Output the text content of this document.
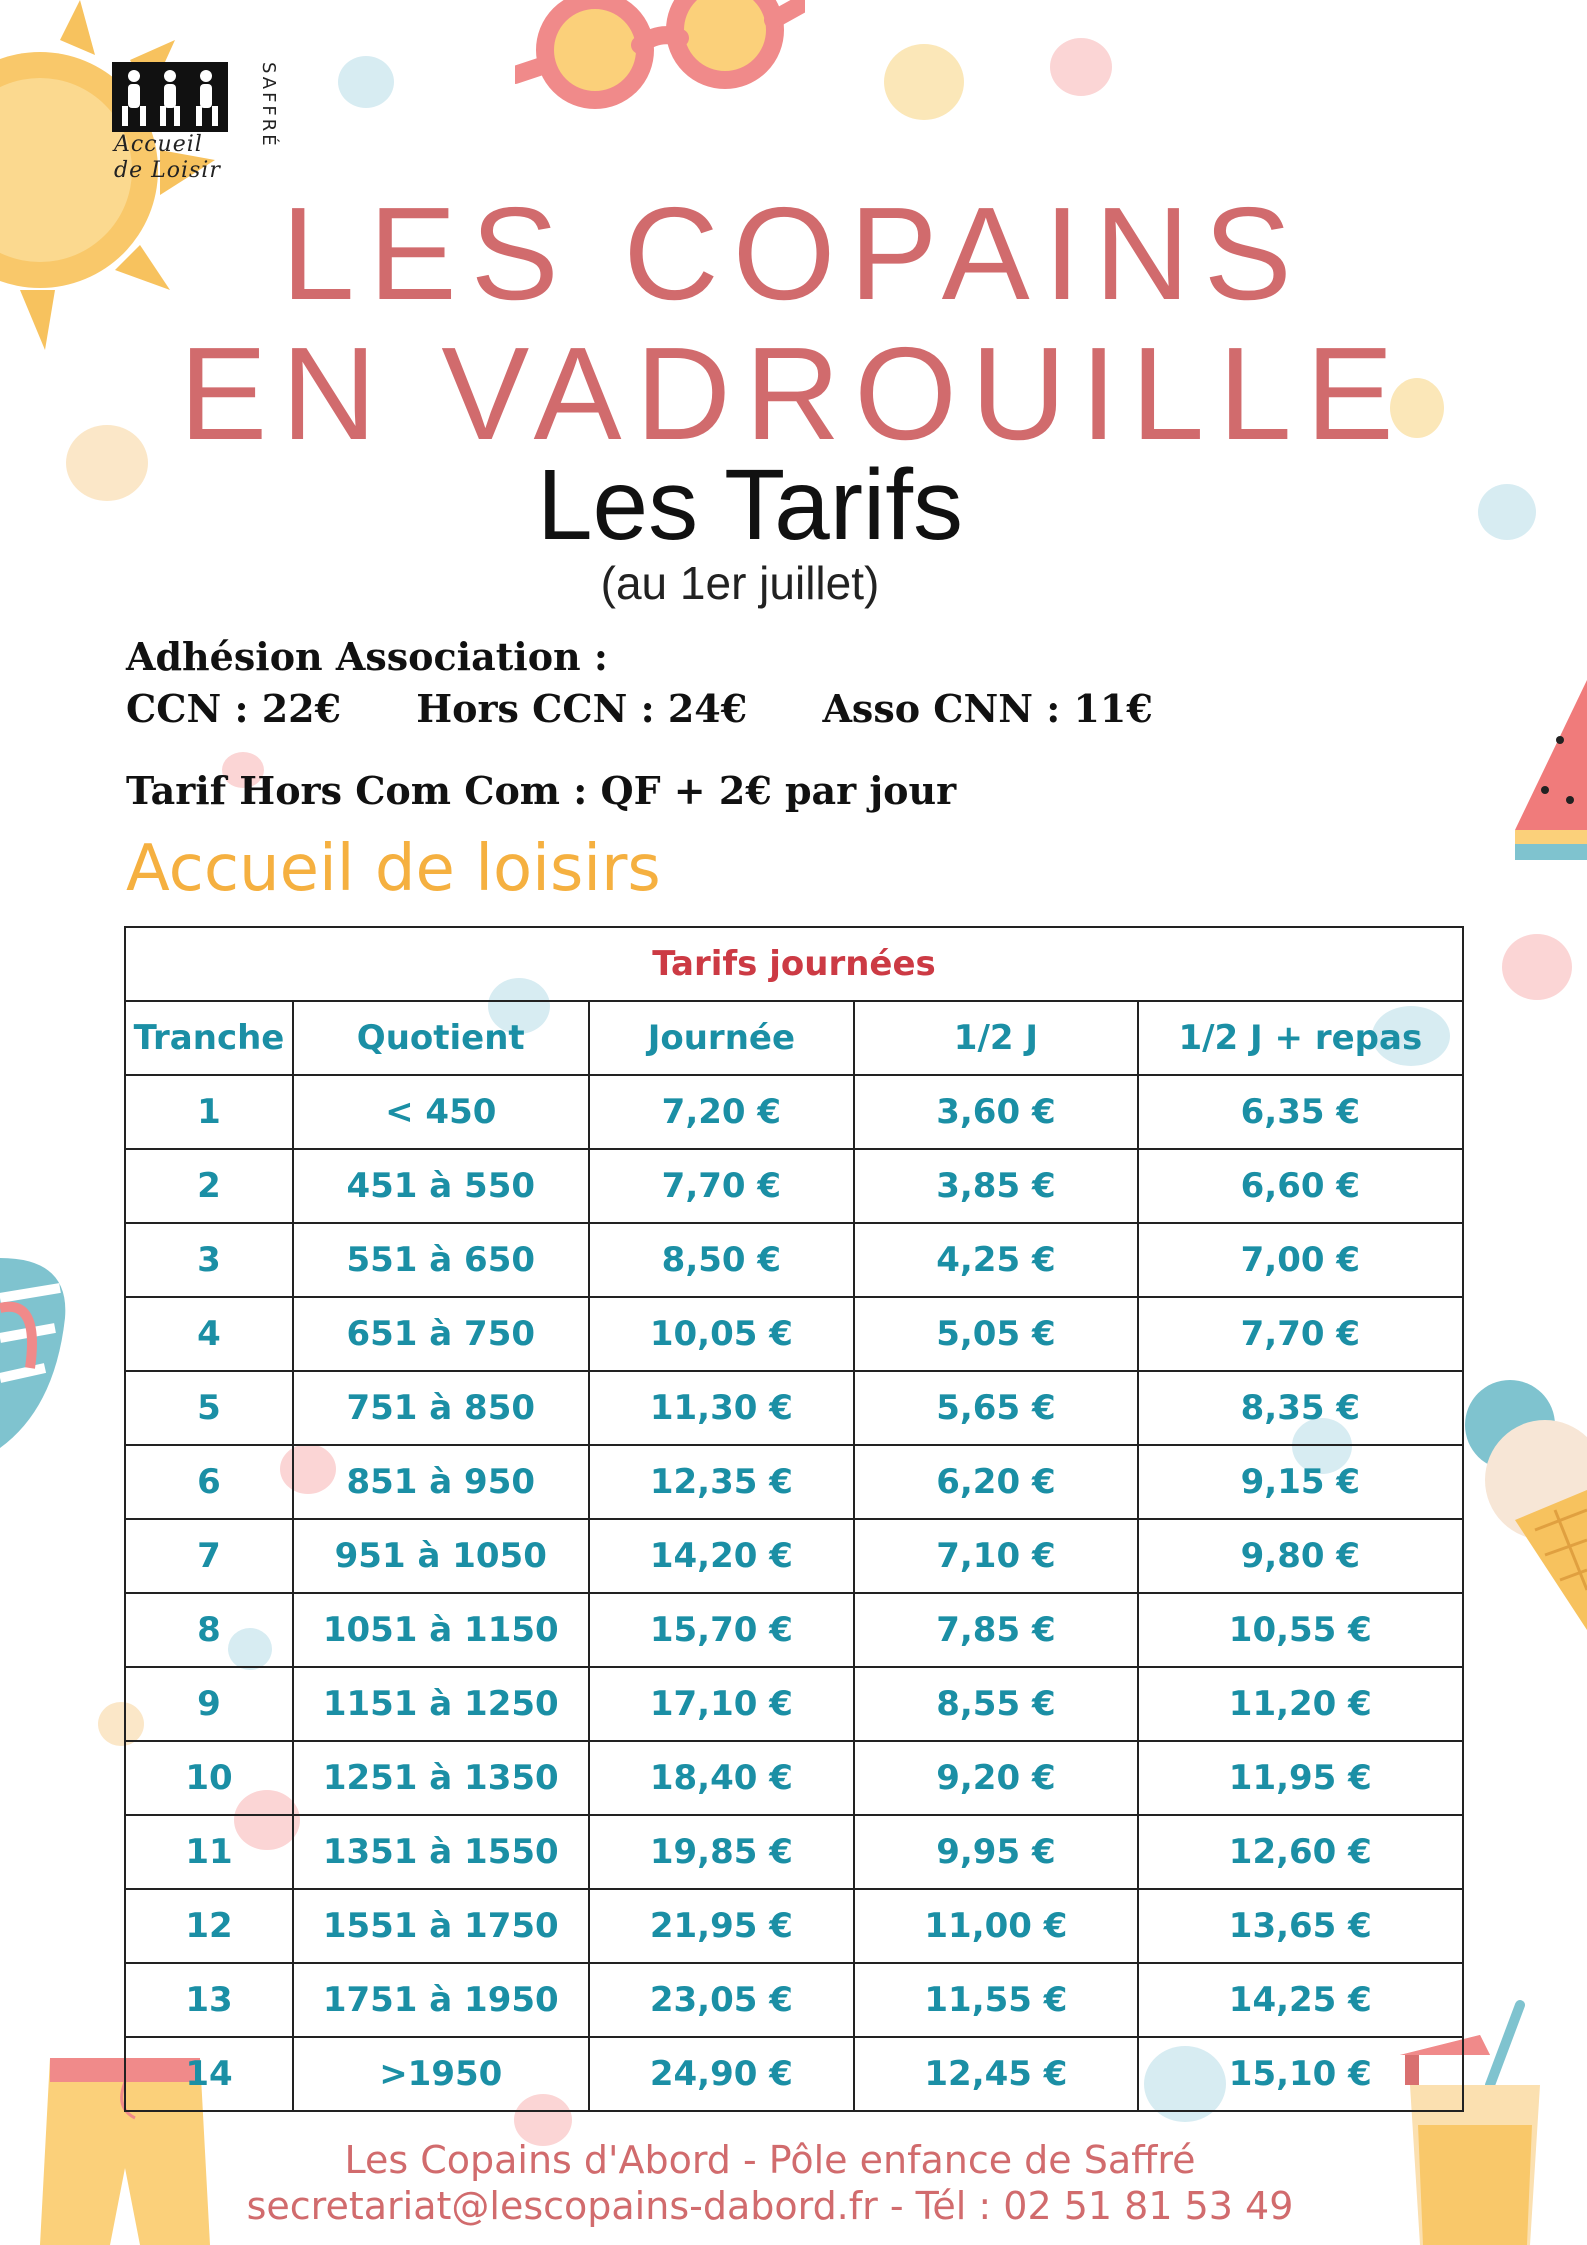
Accueil
de Loisir
SAFFRÉ
LES COPAINS
EN VADROUILLE
Les Tarifs
(au 1er juillet)
Adhésion Association :
CCN : 22€ Hors CCN : 24€ Asso CNN : 11€
Tarif Hors Com Com : QF + 2€ par jour
Accueil de loisirs
Tarifs journées				
Tranche	Quotient	Journée	1/2 J	1/2 J + repas
1	< 450	7,20 €	3,60 €	6,35 €
2	451 à 550	7,70 €	3,85 €	6,60 €
3	551 à 650	8,50 €	4,25 €	7,00 €
4	651 à 750	10,05 €	5,05 €	7,70 €
5	751 à 850	11,30 €	5,65 €	8,35 €
6	851 à 950	12,35 €	6,20 €	9,15 €
7	951 à 1050	14,20 €	7,10 €	9,80 €
8	1051 à 1150	15,70 €	7,85 €	10,55 €
9	1151 à 1250	17,10 €	8,55 €	11,20 €
10	1251 à 1350	18,40 €	9,20 €	11,95 €
11	1351 à 1550	19,85 €	9,95 €	12,60 €
12	1551 à 1750	21,95 €	11,00 €	13,65 €
13	1751 à 1950	23,05 €	11,55 €	14,25 €
14	>1950	24,90 €	12,45 €	15,10 €
Les Copains d'Abord - Pôle enfance de Saffré
secretariat@lescopains-dabord.fr - Tél : 02 51 81 53 49
